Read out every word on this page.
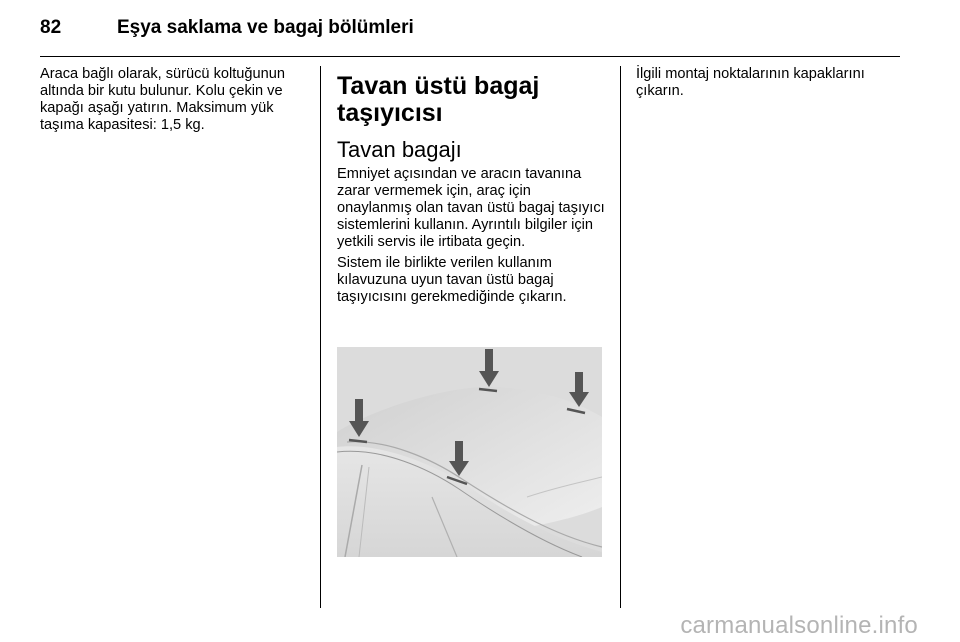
82	Eşya saklama ve bagaj bölümleri

Araca bağlı olarak, sürücü koltuğunun altında bir kutu bulunur. Kolu çekin ve kapağı aşağı yatırın. Maksimum yük taşıma kapasitesi: 1,5 kg.

Tavan üstü bagaj taşıyıcısı
Tavan bagajı

Emniyet açısından ve aracın tavanına zarar vermemek için, araç için onaylanmış olan tavan üstü bagaj taşıyıcı sistemlerini kullanın. Ayrıntılı bilgiler için yetkili servis ile irtibata geçin.

Sistem ile birlikte verilen kullanım kılavuzuna uyun tavan üstü bagaj taşıyıcısını gerekmediğinde çıkarın.

İlgili montaj noktalarının kapaklarını çıkarın.

carmanualsonline.info
